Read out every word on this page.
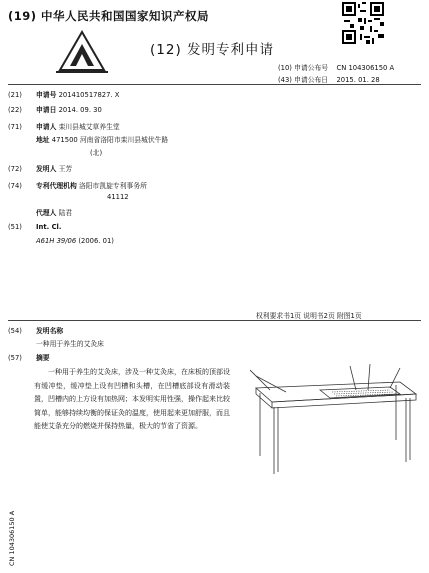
(19) 中华人民共和国国家知识产权局
(12) 发明专利申请
(10) 申请公布号 CN 104306150 A
(43) 申请公布日 2015. 01. 28
(21) 申请号 201410517827. X
(22) 申请日 2014. 09. 30
(71) 申请人 栾川县城艾草养生堂
地址 471500 河南省洛阳市栾川县城伏牛路
(北)
(72) 发明人 王芳
(74) 专利代理机构 洛阳市凯旋专利事务所
41112
代理人 陆君
(51) Int. Cl.
A61H 39/06 (2006. 01)
权利要求书1页 说明书2页 附图1页
(54) 发明名称
一种用于养生的艾灸床
(57) 摘要
一种用于养生的艾灸床，涉及一种艾灸床，在床板的顶部设有缓冲垫，缓冲垫上设有凹槽和头槽，在凹槽底部设有滑动装置，凹槽内的上方设有加热网；本发明实用性强，操作起来比较简单，能够持续均衡的保证灸的温度，使用起来更加舒服，而且能使艾条充分的燃烧并保持热量，极大的节省了资源。
CN 104306150 A
